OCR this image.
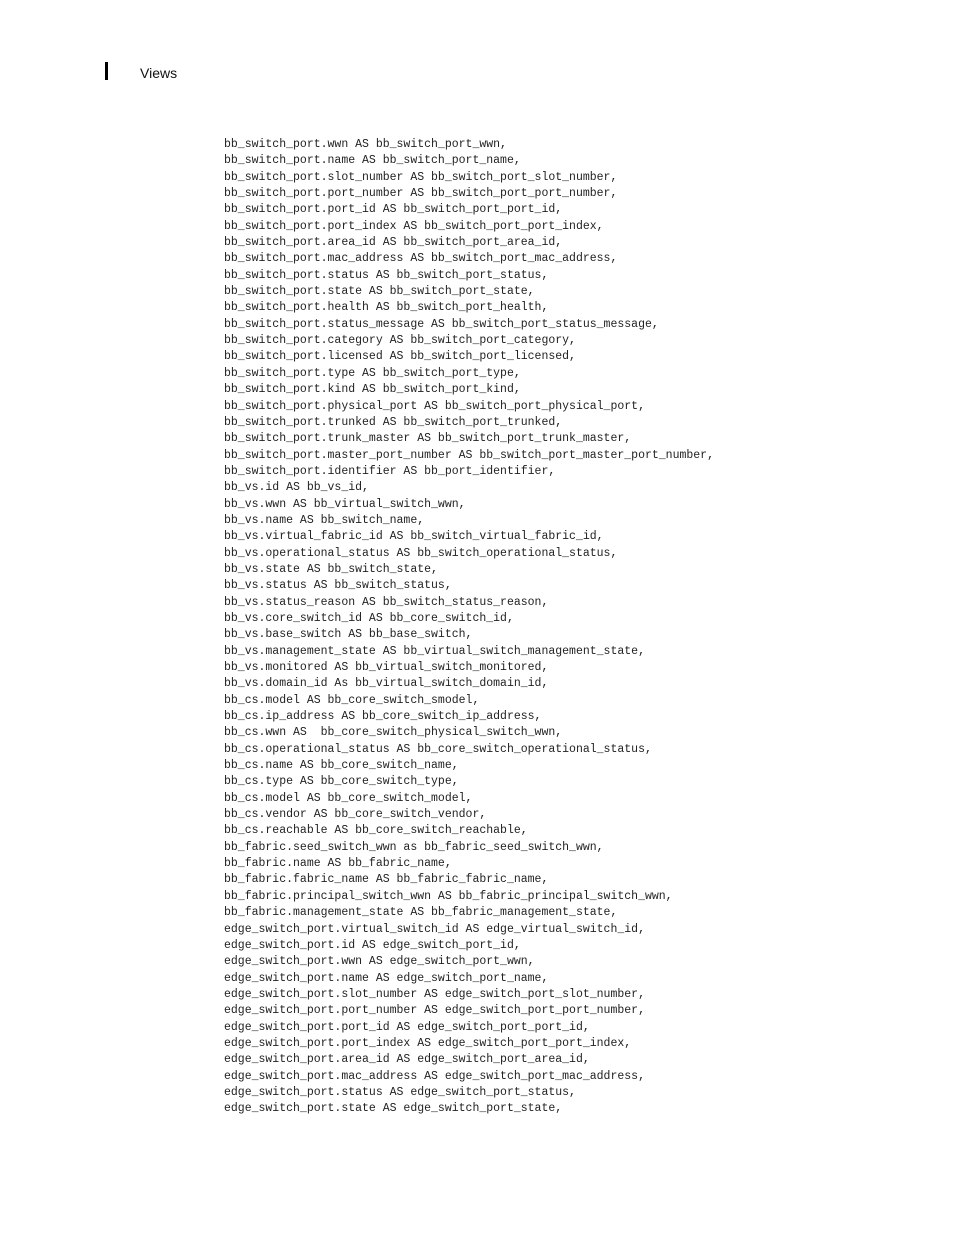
Views
bb_switch_port.wwn AS bb_switch_port_wwn,
bb_switch_port.name AS bb_switch_port_name,
bb_switch_port.slot_number AS bb_switch_port_slot_number,
bb_switch_port.port_number AS bb_switch_port_port_number,
bb_switch_port.port_id AS bb_switch_port_port_id,
bb_switch_port.port_index AS bb_switch_port_port_index,
bb_switch_port.area_id AS bb_switch_port_area_id,
bb_switch_port.mac_address AS bb_switch_port_mac_address,
bb_switch_port.status AS bb_switch_port_status,
bb_switch_port.state AS bb_switch_port_state,
bb_switch_port.health AS bb_switch_port_health,
bb_switch_port.status_message AS bb_switch_port_status_message,
bb_switch_port.category AS bb_switch_port_category,
bb_switch_port.licensed AS bb_switch_port_licensed,
bb_switch_port.type AS bb_switch_port_type,
bb_switch_port.kind AS bb_switch_port_kind,
bb_switch_port.physical_port AS bb_switch_port_physical_port,
bb_switch_port.trunked AS bb_switch_port_trunked,
bb_switch_port.trunk_master AS bb_switch_port_trunk_master,
bb_switch_port.master_port_number AS bb_switch_port_master_port_number,
bb_switch_port.identifier AS bb_port_identifier,
bb_vs.id AS bb_vs_id,
bb_vs.wwn AS bb_virtual_switch_wwn,
bb_vs.name AS bb_switch_name,
bb_vs.virtual_fabric_id AS bb_switch_virtual_fabric_id,
bb_vs.operational_status AS bb_switch_operational_status,
bb_vs.state AS bb_switch_state,
bb_vs.status AS bb_switch_status,
bb_vs.status_reason AS bb_switch_status_reason,
bb_vs.core_switch_id AS bb_core_switch_id,
bb_vs.base_switch AS bb_base_switch,
bb_vs.management_state AS bb_virtual_switch_management_state,
bb_vs.monitored AS bb_virtual_switch_monitored,
bb_vs.domain_id As bb_virtual_switch_domain_id,
bb_cs.model AS bb_core_switch_smodel,
bb_cs.ip_address AS bb_core_switch_ip_address,
bb_cs.wwn AS  bb_core_switch_physical_switch_wwn,
bb_cs.operational_status AS bb_core_switch_operational_status,
bb_cs.name AS bb_core_switch_name,
bb_cs.type AS bb_core_switch_type,
bb_cs.model AS bb_core_switch_model,
bb_cs.vendor AS bb_core_switch_vendor,
bb_cs.reachable AS bb_core_switch_reachable,
bb_fabric.seed_switch_wwn as bb_fabric_seed_switch_wwn,
bb_fabric.name AS bb_fabric_name,
bb_fabric.fabric_name AS bb_fabric_fabric_name,
bb_fabric.principal_switch_wwn AS bb_fabric_principal_switch_wwn,
bb_fabric.management_state AS bb_fabric_management_state,
edge_switch_port.virtual_switch_id AS edge_virtual_switch_id,
edge_switch_port.id AS edge_switch_port_id,
edge_switch_port.wwn AS edge_switch_port_wwn,
edge_switch_port.name AS edge_switch_port_name,
edge_switch_port.slot_number AS edge_switch_port_slot_number,
edge_switch_port.port_number AS edge_switch_port_port_number,
edge_switch_port.port_id AS edge_switch_port_port_id,
edge_switch_port.port_index AS edge_switch_port_port_index,
edge_switch_port.area_id AS edge_switch_port_area_id,
edge_switch_port.mac_address AS edge_switch_port_mac_address,
edge_switch_port.status AS edge_switch_port_status,
edge_switch_port.state AS edge_switch_port_state,
